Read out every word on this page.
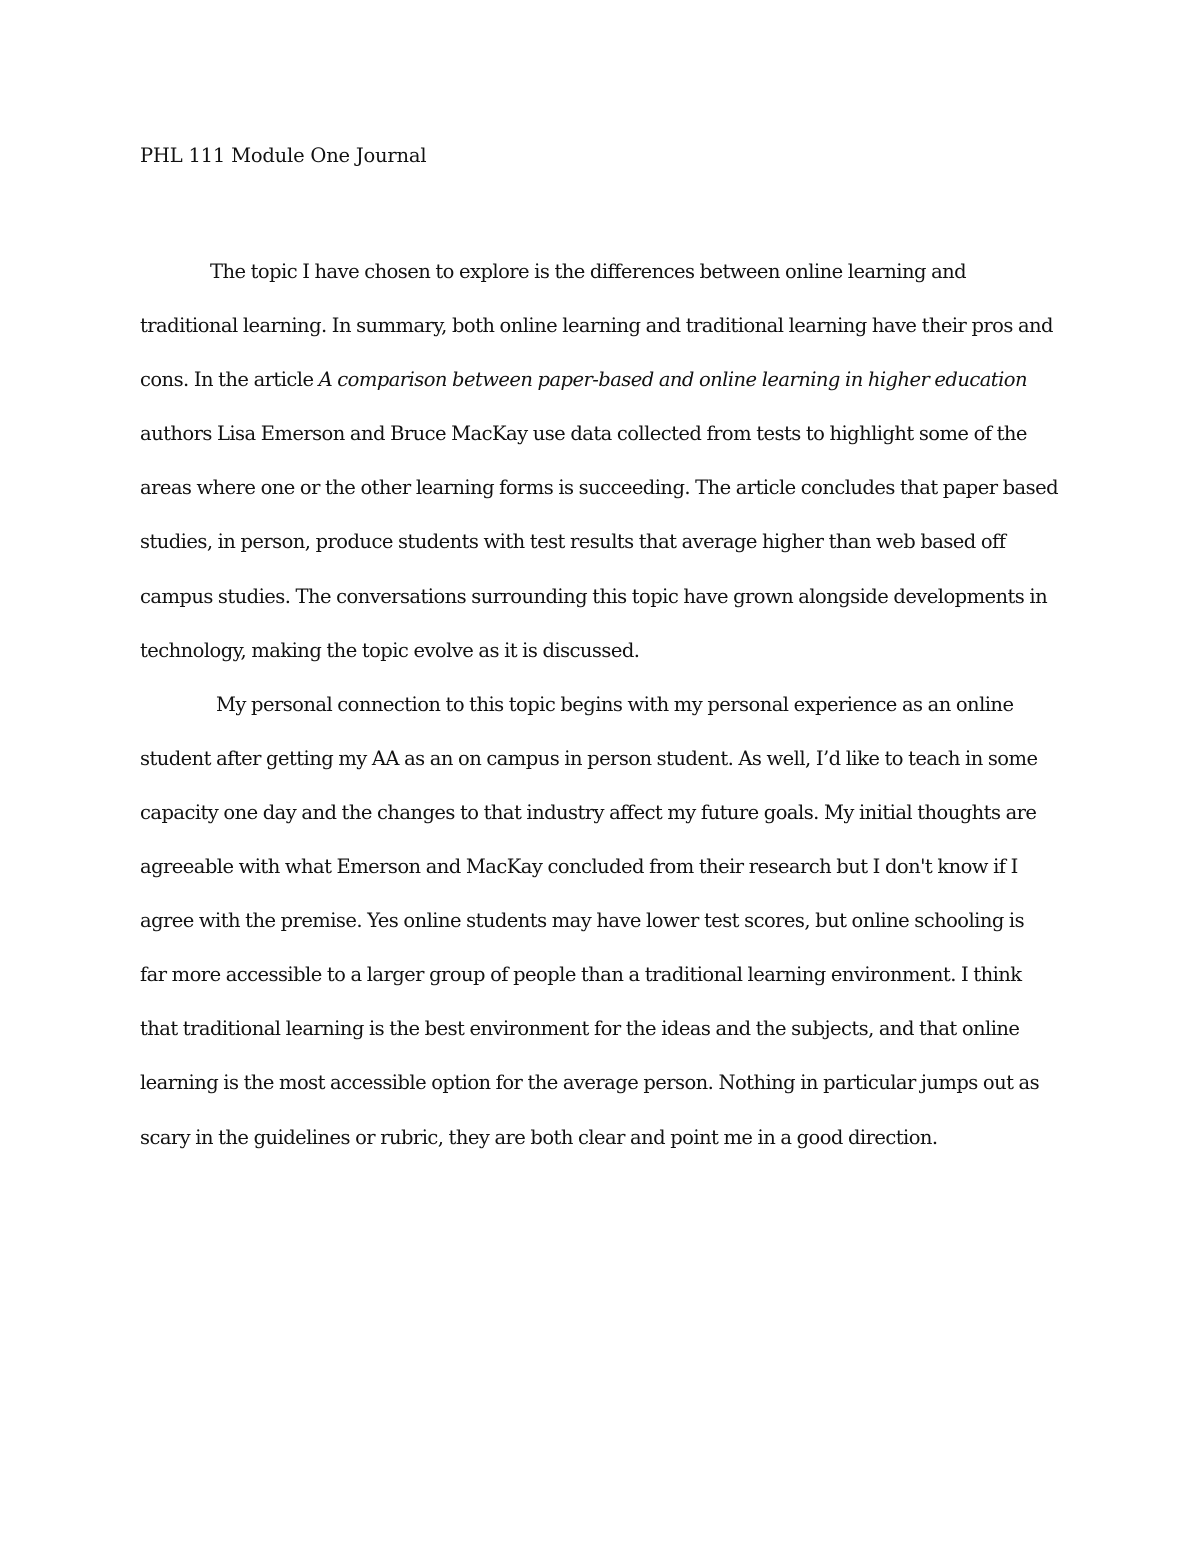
PHL 111 Module One Journal
The topic I have chosen to explore is the differences between online learning and
traditional learning. In summary, both online learning and traditional learning have their pros and
cons. In the article A comparison between paper-based and online learning in higher education
authors Lisa Emerson and Bruce MacKay use data collected from tests to highlight some of the
areas where one or the other learning forms is succeeding. The article concludes that paper based
studies, in person, produce students with test results that average higher than web based off
campus studies. The conversations surrounding this topic have grown alongside developments in
technology, making the topic evolve as it is discussed.
My personal connection to this topic begins with my personal experience as an online
student after getting my AA as an on campus in person student. As well, I’d like to teach in some
capacity one day and the changes to that industry affect my future goals. My initial thoughts are
agreeable with what Emerson and MacKay concluded from their research but I don't know if I
agree with the premise. Yes online students may have lower test scores, but online schooling is
far more accessible to a larger group of people than a traditional learning environment. I think
that traditional learning is the best environment for the ideas and the subjects, and that online
learning is the most accessible option for the average person. Nothing in particular jumps out as
scary in the guidelines or rubric, they are both clear and point me in a good direction.
